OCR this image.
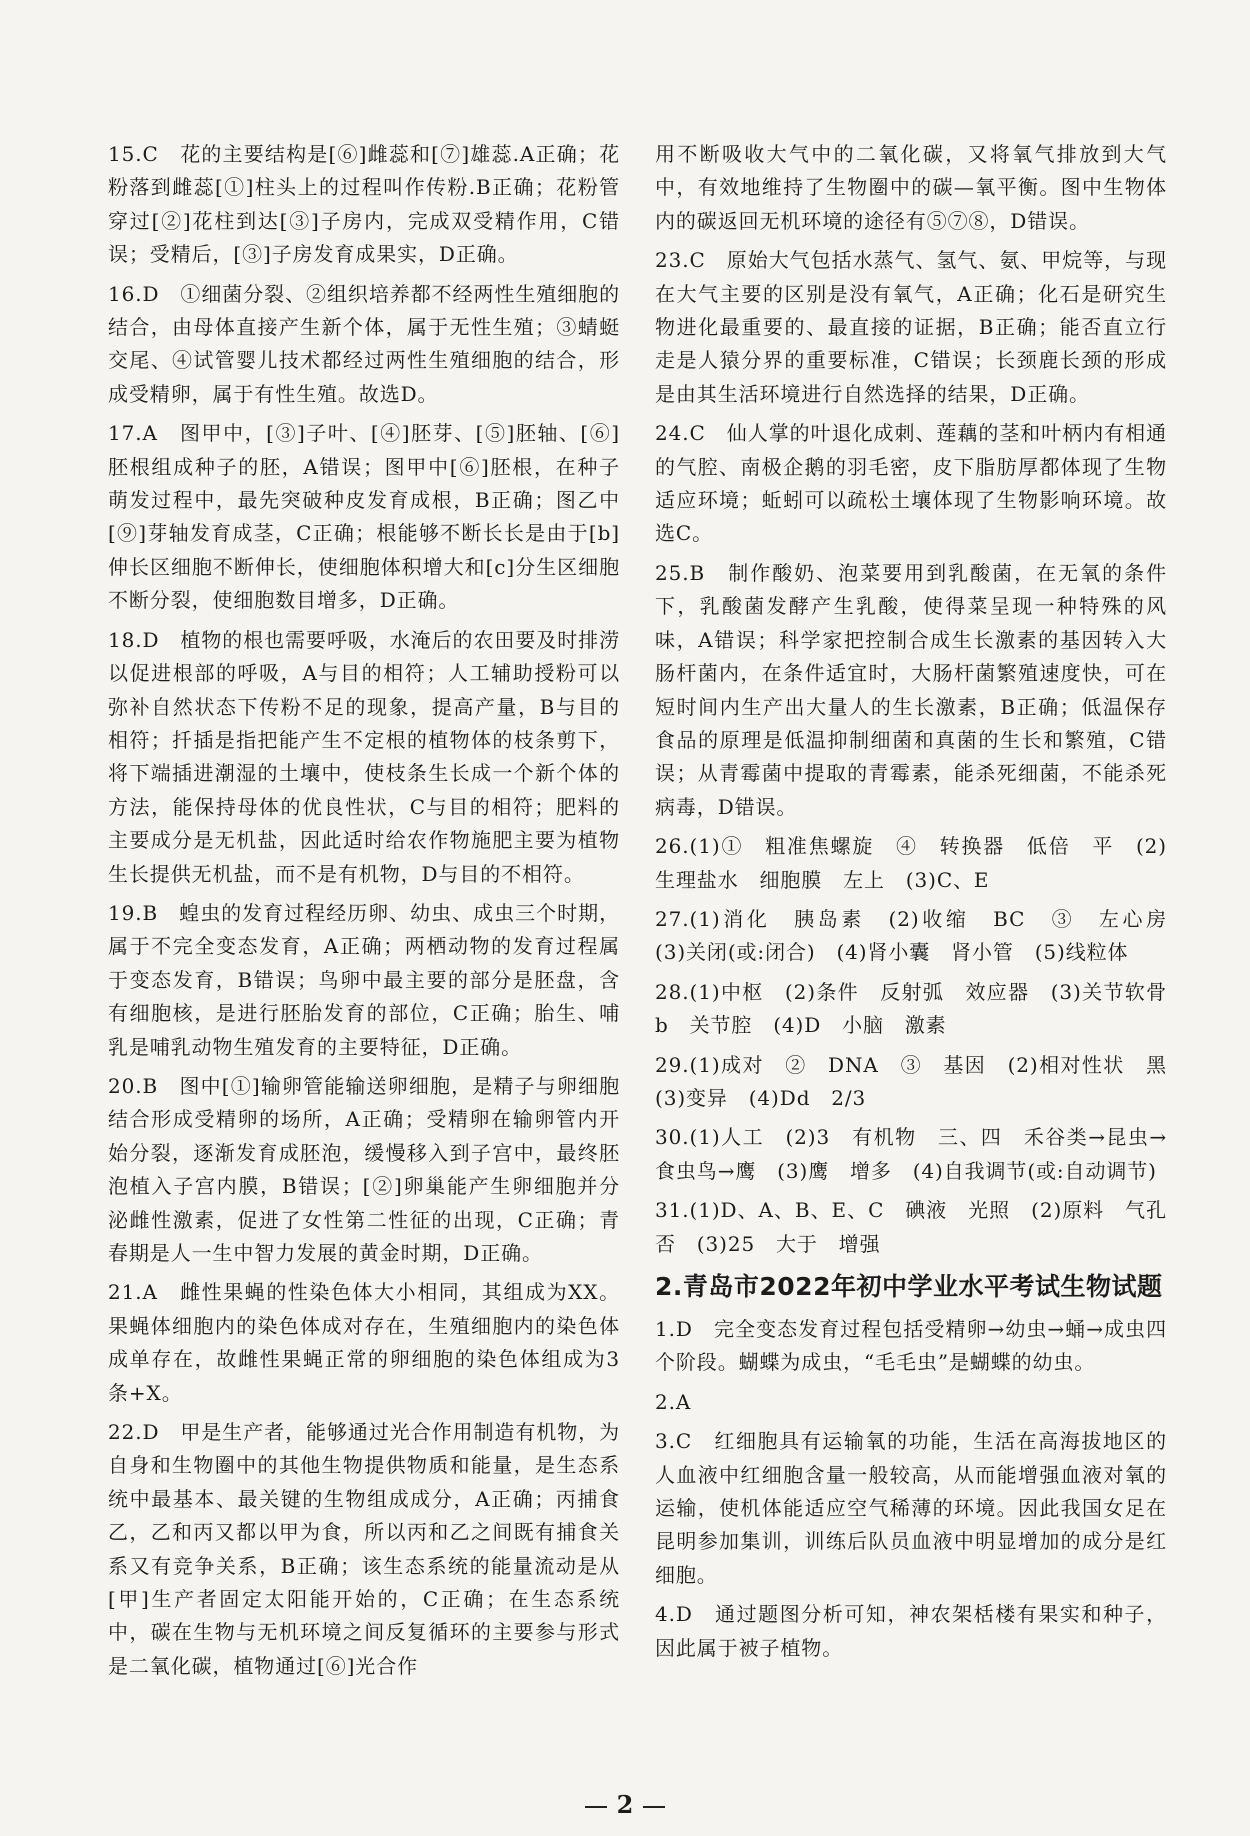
15.C　 花的主要结构是[⑥]雌蕊和[⑦]雄蕊.A正确；花粉落到雌蕊[①]柱头上的过程叫作传粉.B正确；花粉管穿过[②]花柱到达[③]子房内，完成双受精作用，C错误；受精后，[③]子房发育成果实，D正确。

16.D　 ①细菌分裂、②组织培养都不经两性生殖细胞的结合，由母体直接产生新个体，属于无性生殖；③蜻蜓交尾、④试管婴儿技术都经过两性生殖细胞的结合，形成受精卵，属于有性生殖。故选D。

17.A　 图甲中，[③]子叶、[④]胚芽、[⑤]胚轴、[⑥]胚根组成种子的胚，A错误；图甲中[⑥]胚根，在种子萌发过程中，最先突破种皮发育成根，B正确；图乙中[⑨]芽轴发育成茎，C正确；根能够不断长长是由于[b]伸长区细胞不断伸长，使细胞体积增大和[c]分生区细胞不断分裂，使细胞数目增多，D正确。

18.D　 植物的根也需要呼吸，水淹后的农田要及时排涝以促进根部的呼吸，A与目的相符；人工辅助授粉可以弥补自然状态下传粉不足的现象，提高产量，B与目的相符；扦插是指把能产生不定根的植物体的枝条剪下，将下端插进潮湿的土壤中，使枝条生长成一个新个体的方法，能保持母体的优良性状，C与目的相符；肥料的主要成分是无机盐，因此适时给农作物施肥主要为植物生长提供无机盐，而不是有机物，D与目的不相符。

19.B　 蝗虫的发育过程经历卵、幼虫、成虫三个时期，属于不完全变态发育，A正确；两栖动物的发育过程属于变态发育，B错误；鸟卵中最主要的部分是胚盘，含有细胞核，是进行胚胎发育的部位，C正确；胎生、哺乳是哺乳动物生殖发育的主要特征，D正确。

20.B　 图中[①]输卵管能输送卵细胞，是精子与卵细胞结合形成受精卵的场所，A正确；受精卵在输卵管内开始分裂，逐渐发育成胚泡，缓慢移入到子宫中，最终胚泡植入子宫内膜，B错误；[②]卵巢能产生卵细胞并分泌雌性激素，促进了女性第二性征的出现，C正确；青春期是人一生中智力发展的黄金时期，D正确。

21.A　 雌性果蝇的性染色体大小相同，其组成为XX。果蝇体细胞内的染色体成对存在，生殖细胞内的染色体成单存在，故雌性果蝇正常的卵细胞的染色体组成为3条+X。

22.D　 甲是生产者，能够通过光合作用制造有机物，为自身和生物圈中的其他生物提供物质和能量，是生态系统中最基本、最关键的生物组成成分，A正确；丙捕食乙，乙和丙又都以甲为食，所以丙和乙之间既有捕食关系又有竞争关系，B正确；该生态系统的能量流动是从[甲]生产者固定太阳能开始的，C正确；在生态系统中，碳在生物与无机环境之间反复循环的主要参与形式是二氧化碳，植物通过[⑥]光合作

用不断吸收大气中的二氧化碳，又将氧气排放到大气中，有效地维持了生物圈中的碳—氧平衡。图中生物体内的碳返回无机环境的途径有⑤⑦⑧，D错误。

23.C　 原始大气包括水蒸气、氢气、氨、甲烷等，与现在大气主要的区别是没有氧气，A正确；化石是研究生物进化最重要的、最直接的证据，B正确；能否直立行走是人猿分界的重要标准，C错误；长颈鹿长颈的形成是由其生活环境进行自然选择的结果，D正确。

24.C　 仙人掌的叶退化成刺、莲藕的茎和叶柄内有相通的气腔、南极企鹅的羽毛密，皮下脂肪厚都体现了生物适应环境；蚯蚓可以疏松土壤体现了生物影响环境。故选C。

25.B　 制作酸奶、泡菜要用到乳酸菌，在无氧的条件下，乳酸菌发酵产生乳酸，使得菜呈现一种特殊的风味，A错误；科学家把控制合成生长激素的基因转入大肠杆菌内，在条件适宜时，大肠杆菌繁殖速度快，可在短时间内生产出大量人的生长激素，B正确；低温保存食品的原理是低温抑制细菌和真菌的生长和繁殖，C错误；从青霉菌中提取的青霉素，能杀死细菌，不能杀死病毒，D错误。

26.(1)①　粗准焦螺旋　④　转换器　低倍　平　(2)生理盐水　细胞膜　左上　(3)C、E

27.(1)消化　胰岛素　(2)收缩　BC　③　左心房　(3)关闭(或:闭合)　(4)肾小囊　肾小管　(5)线粒体

28.(1)中枢　(2)条件　反射弧　效应器　(3)关节软骨　b　关节腔　(4)D　小脑　激素

29.(1)成对　②　DNA　③　基因　(2)相对性状　黑　(3)变异　(4)Dd　2/3

30.(1)人工　(2)3　有机物　三、四　禾谷类→昆虫→食虫鸟→鹰　(3)鹰　增多　(4)自我调节(或:自动调节)

31.(1)D、A、B、E、C　碘液　光照　(2)原料　气孔　否　(3)25　大于　增强

2.青岛市2022年初中学业水平考试生物试题

1.D　 完全变态发育过程包括受精卵→幼虫→蛹→成虫四个阶段。蝴蝶为成虫，“毛毛虫”是蝴蝶的幼虫。

2.A

3.C　 红细胞具有运输氧的功能，生活在高海拔地区的人血液中红细胞含量一般较高，从而能增强血液对氧的运输，使机体能适应空气稀薄的环境。因此我国女足在昆明参加集训，训练后队员血液中明显增加的成分是红细胞。

4.D　 通过题图分析可知，神农架栝楼有果实和种子，因此属于被子植物。

2
